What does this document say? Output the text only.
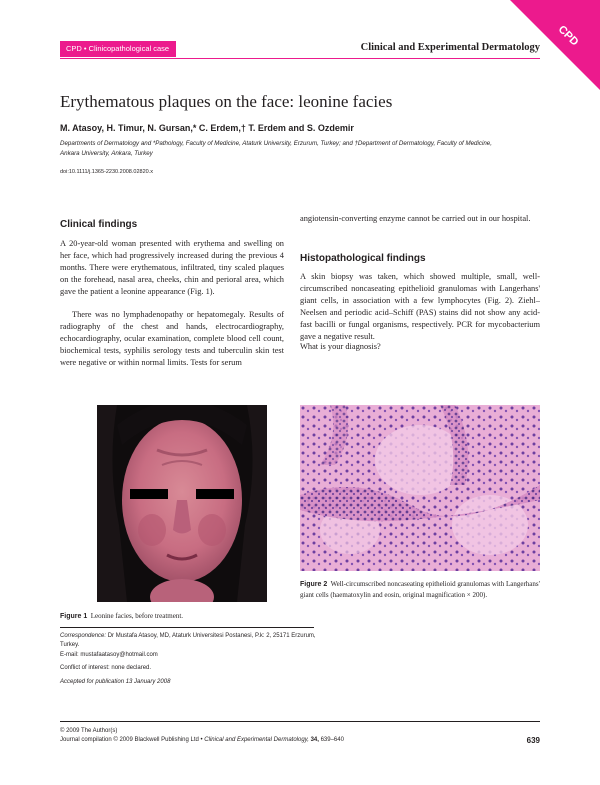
CPD
CPD • Clinicopathological case	Clinical and Experimental Dermatology
Erythematous plaques on the face: leonine facies
M. Atasoy, H. Timur, N. Gursan,* C. Erdem,† T. Erdem and S. Ozdemir
Departments of Dermatology and *Pathology, Faculty of Medicine, Ataturk University, Erzurum, Turkey; and †Department of Dermatology, Faculty of Medicine, Ankara University, Ankara, Turkey
doi:10.1111/j.1365-2230.2008.02820.x
Clinical findings

A 20-year-old woman presented with erythema and swelling on her face, which had progressively increased during the previous 4 months. There were erythematous, infiltrated, tiny scaled plaques on the forehead, nasal area, cheeks, chin and perioral area, which gave the patient a leonine appearance (Fig. 1).

There was no lymphadenopathy or hepatomegaly. Results of radiography of the chest and hands, electrocardiography, echocardiography, ocular examination, complete blood cell count, biochemical tests, syphilis serology tests and tuberculin skin test were negative or within normal limits. Tests for serum

angiotensin-converting enzyme cannot be carried out in our hospital.

Histopathological findings

A skin biopsy was taken, which showed multiple, small, well-circumscribed noncaseating epithelioid granulomas with Langerhans' giant cells, in association with a few lymphocytes (Fig. 2). Ziehl–Neelsen and periodic acid–Schiff (PAS) stains did not show any acid-fast bacilli or fungal organisms, respectively. PCR for mycobacterium gave a negative result.

What is your diagnosis?

Figure 1 Leonine facies, before treatment.

Figure 2 Well-circumscribed noncaseating epithelioid granulomas with Langerhans' giant cells (haematoxylin and eosin, original magnification × 200).

Correspondence: Dr Mustafa Atasoy, MD, Ataturk Universitesi Postanesi, P.k: 2, 25171 Erzurum, Turkey.
E-mail: mustafaatasoy@hotmail.com
Conflict of interest: none declared.
Accepted for publication 13 January 2008
© 2009 The Author(s)
Journal compilation © 2009 Blackwell Publishing Ltd • Clinical and Experimental Dermatology, 34, 639–640	639
